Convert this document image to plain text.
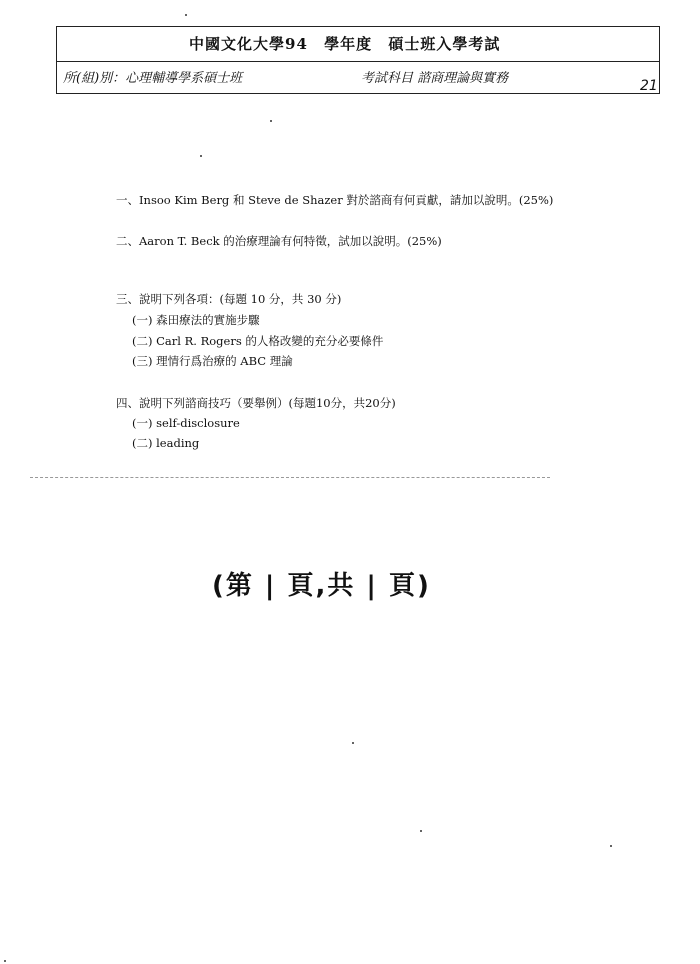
中國文化大學94 學年度 碩士班入學考試
所(組)別：心理輔導學系碩士班	考試科目 諮商理論與實務	21
一、Insoo Kim Berg 和 Steve de Shazer 對於諮商有何貢獻，請加以說明。(25%)
二、Aaron T. Beck 的治療理論有何特徵，試加以說明。(25%)
三、說明下列各項：(每題 10 分，共 30 分)
(一) 森田療法的實施步驟
(二) Carl R. Rogers 的人格改變的充分必要條件
(三) 理情行爲治療的 ABC 理論
四、說明下列諮商技巧（要舉例）(每題10分，共20分)
(一) self-disclosure
(二) leading
(第 | 頁,共 | 頁)
